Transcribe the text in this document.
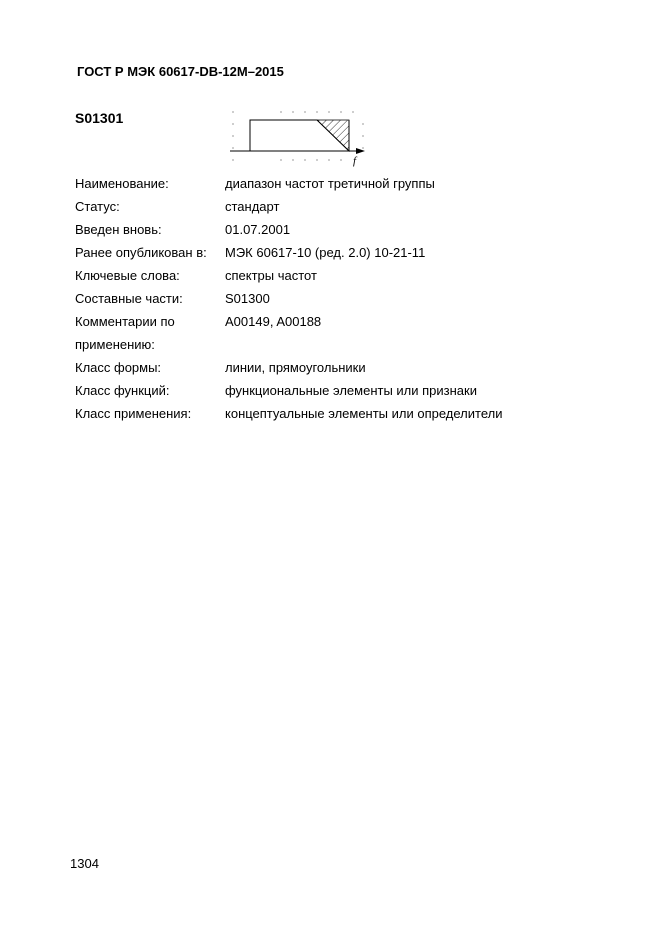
ГОСТ Р МЭК 60617-DB-12M–2015
S01301
f
Наименование:	диапазон частот третичной группы
Статус:	стандарт
Введен вновь:	01.07.2001
Ранее опубликован в:	МЭК 60617-10 (ред. 2.0) 10-21-11
Ключевые слова:	спектры частот
Составные части:	S01300
Комментарии по	A00149, A00188
применению:
Класс формы:	линии, прямоугольники
Класс функций:	функциональные элементы или признаки
Класс применения:	концептуальные элементы или определители
1304
